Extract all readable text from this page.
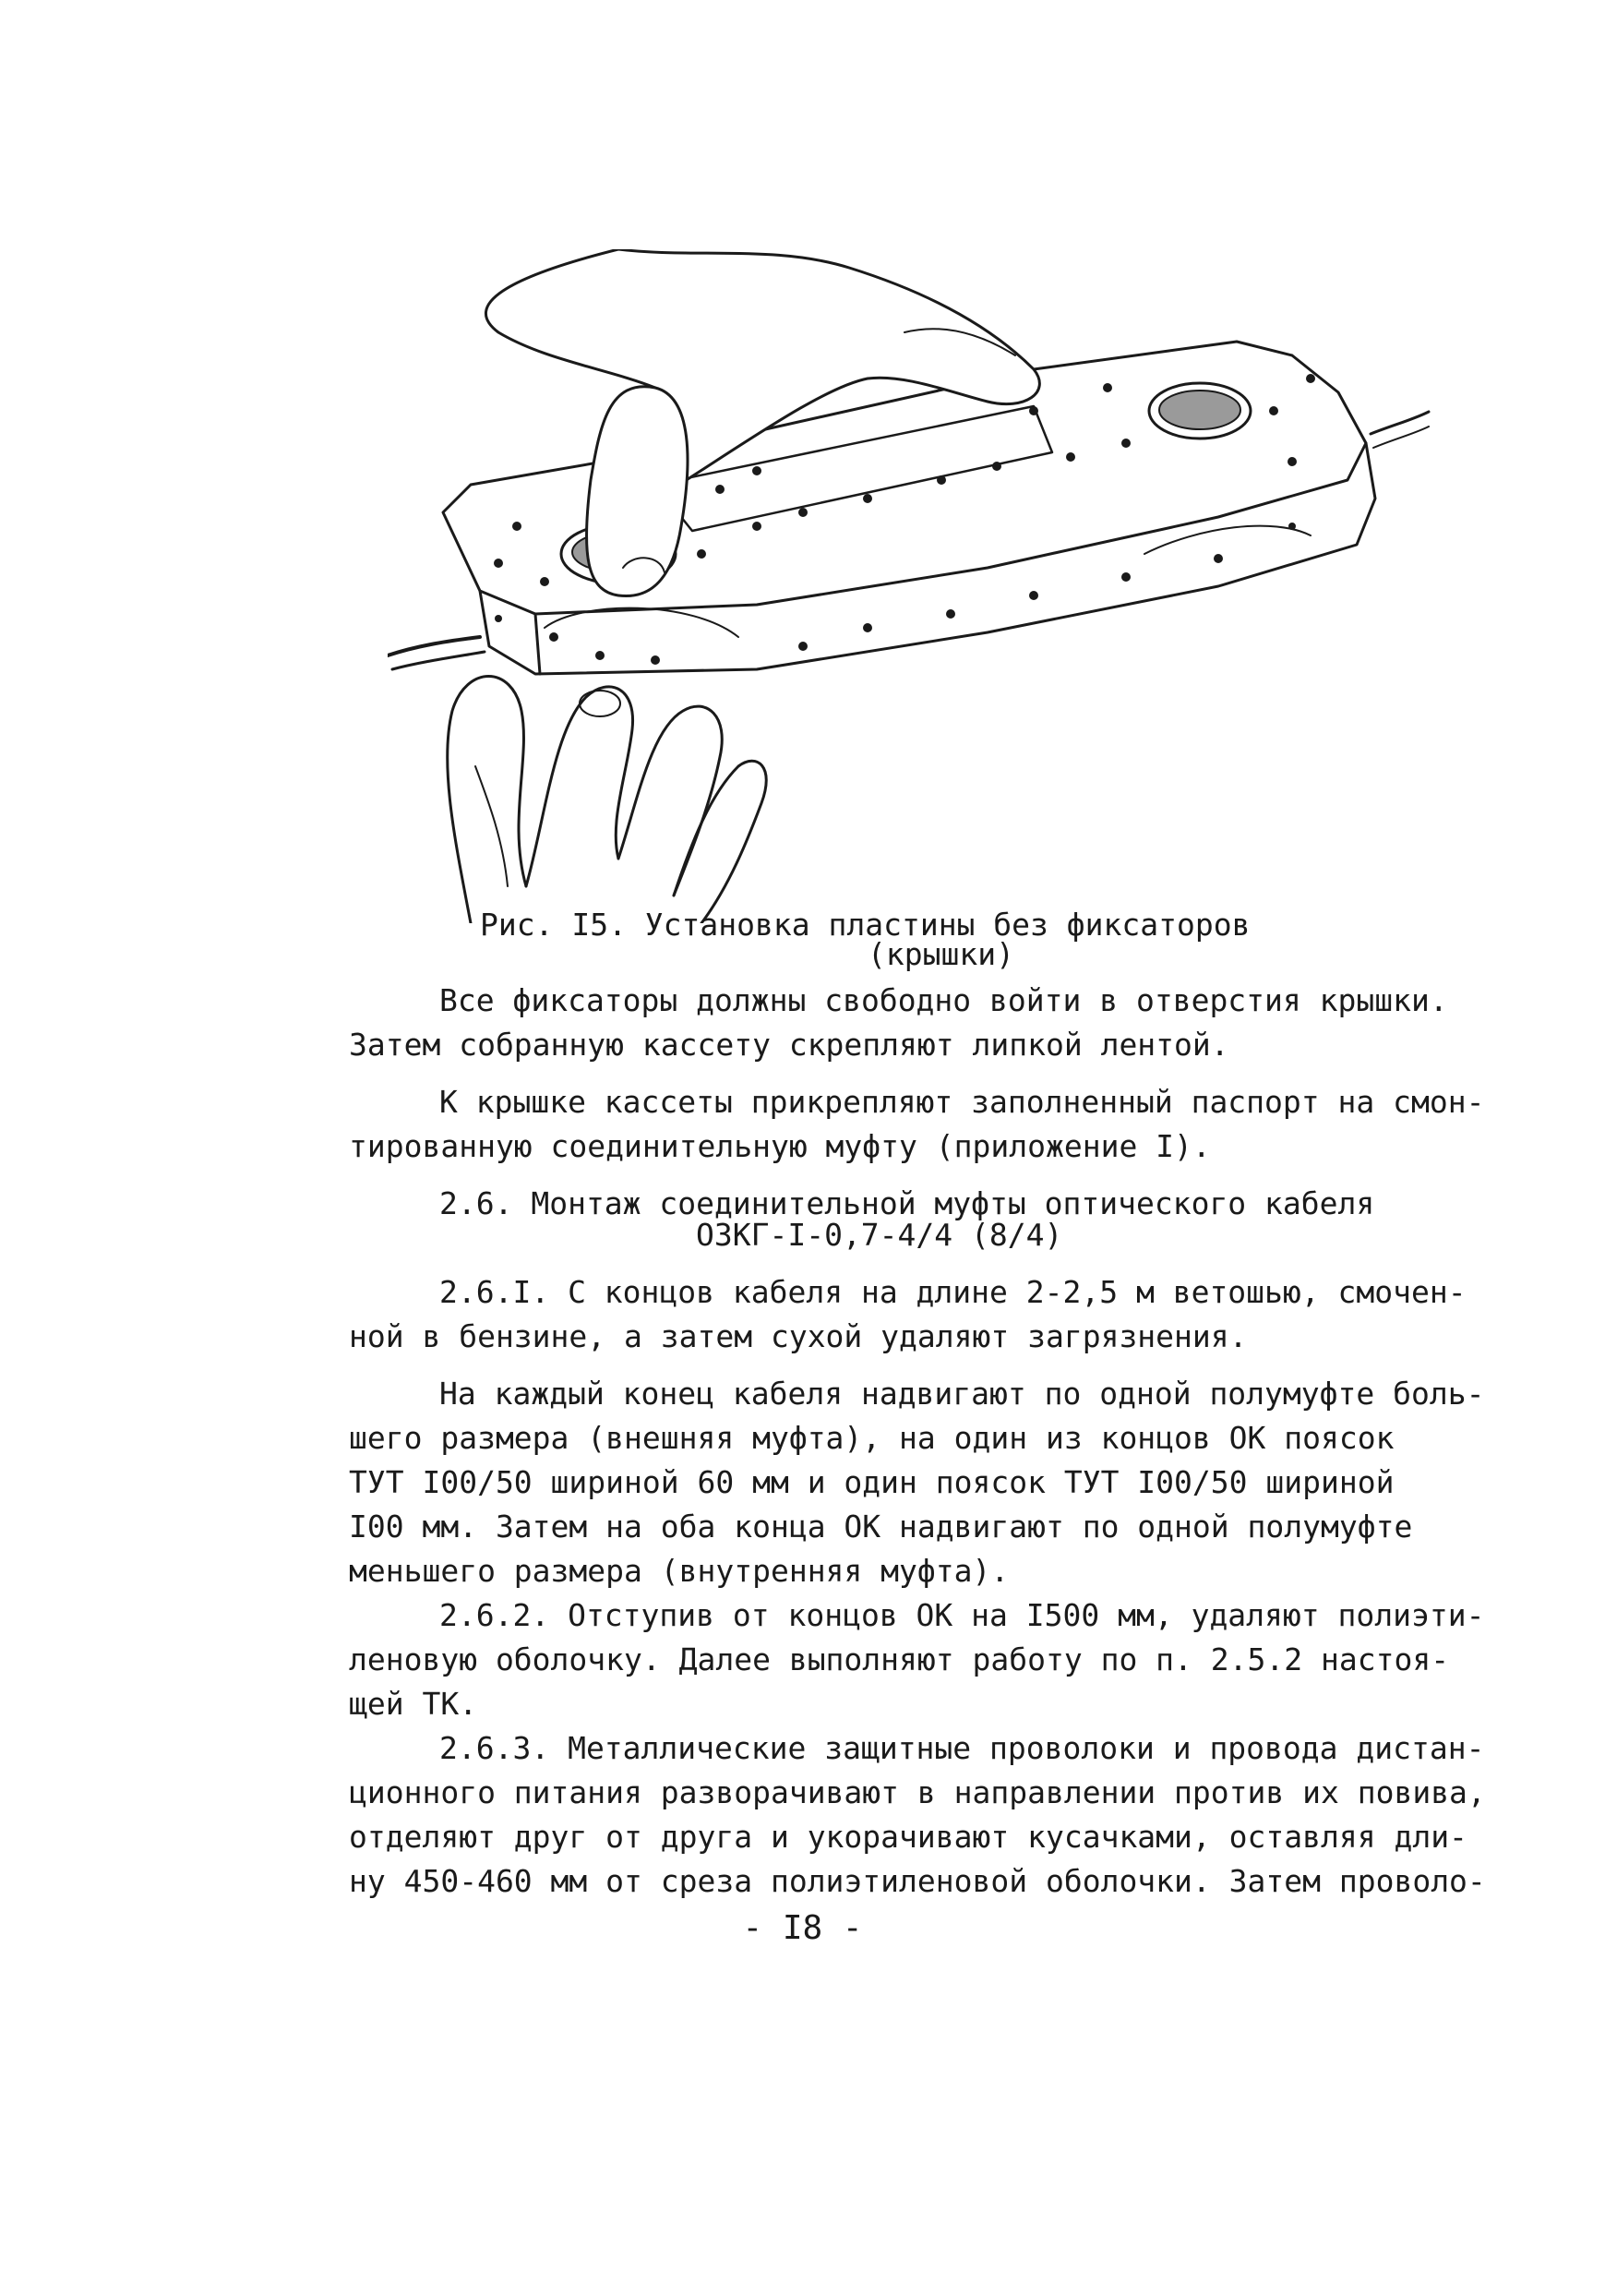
Рис. I5. Установка пластины без фиксаторов
(крышки)

Все фиксаторы должны свободно войти в отверстия крышки.

Затем собранную кассету скрепляют липкой лентой.

К крышке кассеты прикрепляют заполненный паспорт на смон-

тированную соединительную муфту (приложение I).

2.6. Монтаж соединительной муфты оптического кабеля

ОЗКГ-I-0,7-4/4 (8/4)

2.6.I. С концов кабеля на длине 2-2,5 м ветошью, смочен-

ной в бензине, а затем сухой удаляют загрязнения.

На каждый конец кабеля надвигают по одной полумуфте боль-

шего размера (внешняя муфта), на один из концов ОК поясок

ТУТ I00/50 шириной 60 мм и один поясок ТУТ I00/50 шириной

I00 мм. Затем на оба конца ОК надвигают по одной полумуфте

меньшего размера (внутренняя муфта).

2.6.2. Отступив от концов ОК на I500 мм, удаляют полиэти-

леновую оболочку. Далее выполняют работу по п. 2.5.2 настоя-

щей ТК.

2.6.3. Металлические защитные проволоки и провода дистан-

ционного питания разворачивают в направлении против их повива,

отделяют друг от друга и укорачивают кусачками, оставляя дли-

ну 450-460 мм от среза полиэтиленовой оболочки. Затем проволо-

- I8 -
